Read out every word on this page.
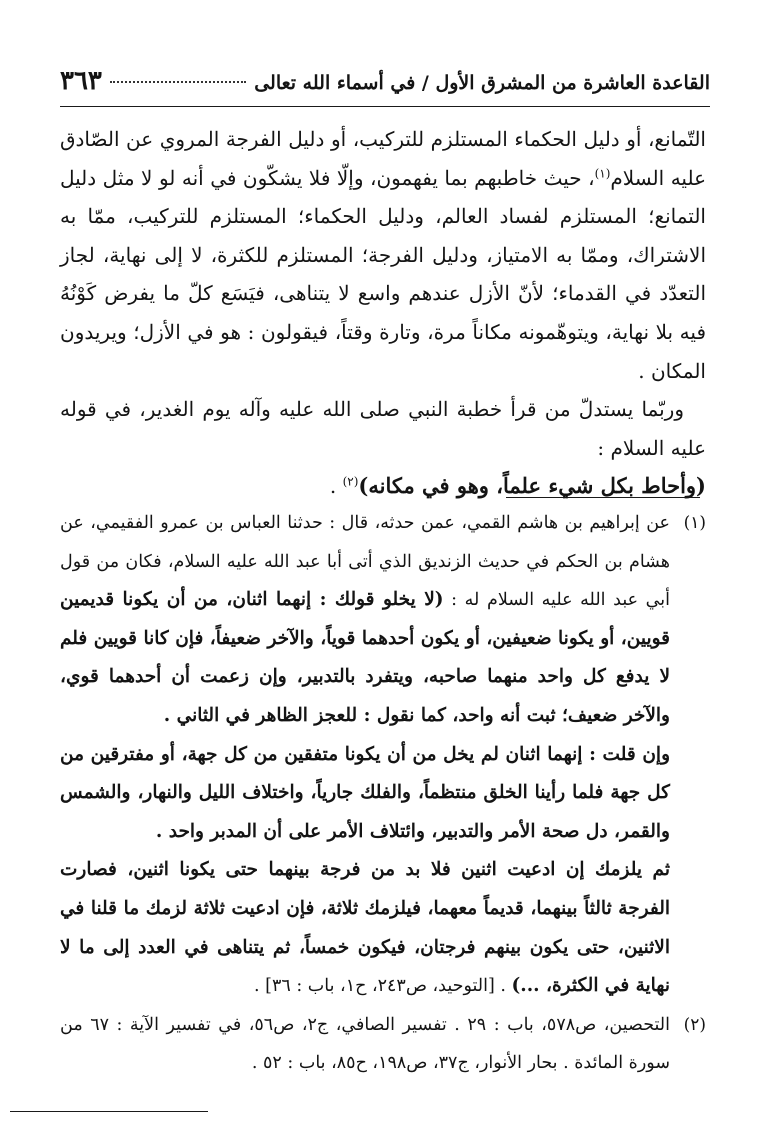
القاعدة العاشرة من المشرق الأول / في أسماء الله تعالى
٣٦٣

التّمانع، أو دليل الحكماء المستلزم للتركيب، أو دليل الفرجة المروي عن الصّادق عليه السلام$^{(١)}$، حيث خاطبهم بما يفهمون، وإلّا فلا يشكّون في أنه لو لا مثل دليل التمانع؛ المستلزم لفساد العالم، ودليل الحكماء؛ المستلزم للتركيب، ممّا به الاشتراك، وممّا به الامتياز، ودليل الفرجة؛ المستلزم للكثرة، لا إلى نهاية، لجاز التعدّد في القدماء؛ لأنّ الأزل عندهم واسع لا يتناهى، فيَسَع كلّ ما يفرض كَوْنُهُ فيه بلا نهاية، ويتوهّمونه مكاناً مرة، وتارة وقتاً، فيقولون : هو في الأزل؛ ويريدون المكان .

وربّما يستدلّ من قرأ خطبة النبي صلى الله عليه وآله يوم الغدير، في قوله عليه السلام :
(وأحاط بكل شيء علماً، وهو في مكانه)$^{(٢)}$ .

(١)

عن إبراهيم بن هاشم القمي، عمن حدثه، قال : حدثنا العباس بن عمرو الفقيمي، عن هشام بن الحكم في حديث الزنديق الذي أتى أبا عبد الله عليه السلام، فكان من قول أبي عبد الله عليه السلام له : (لا يخلو قولك : إنهما اثنان، من أن يكونا قديمين قويين، أو يكونا ضعيفين، أو يكون أحدهما قوياً، والآخر ضعيفاً، فإن كانا قويين فلم لا يدفع كل واحد منهما صاحبه، ويتفرد بالتدبير، وإن زعمت أن أحدهما قوي، والآخر ضعيف؛ ثبت أنه واحد، كما نقول : للعجز الظاهر في الثاني .

وإن قلت : إنهما اثنان لم يخل من أن يكونا متفقين من كل جهة، أو مفترقين من كل جهة فلما رأينا الخلق منتظماً، والفلك جارياً، واختلاف الليل والنهار، والشمس والقمر، دل صحة الأمر والتدبير، وائتلاف الأمر على أن المدبر واحد .

ثم يلزمك إن ادعيت اثنين فلا بد من فرجة بينهما حتى يكونا اثنين، فصارت الفرجة ثالثاً بينهما، قديماً معهما، فيلزمك ثلاثة، فإن ادعيت ثلاثة لزمك ما قلنا في الاثنين، حتى يكون بينهم فرجتان، فيكون خمساً، ثم يتناهى في العدد إلى ما لا نهاية في الكثرة، ...) . [التوحيد، ص٢٤٣، ح١، باب : ٣٦] .

(٢)

التحصين، ص٥٧٨، باب : ٢٩ . تفسير الصافي، ج٢، ص٥٦، في تفسير الآية : ٦٧ من سورة المائدة . بحار الأنوار، ج٣٧، ص١٩٨، ح٨٥، باب : ٥٢ .
